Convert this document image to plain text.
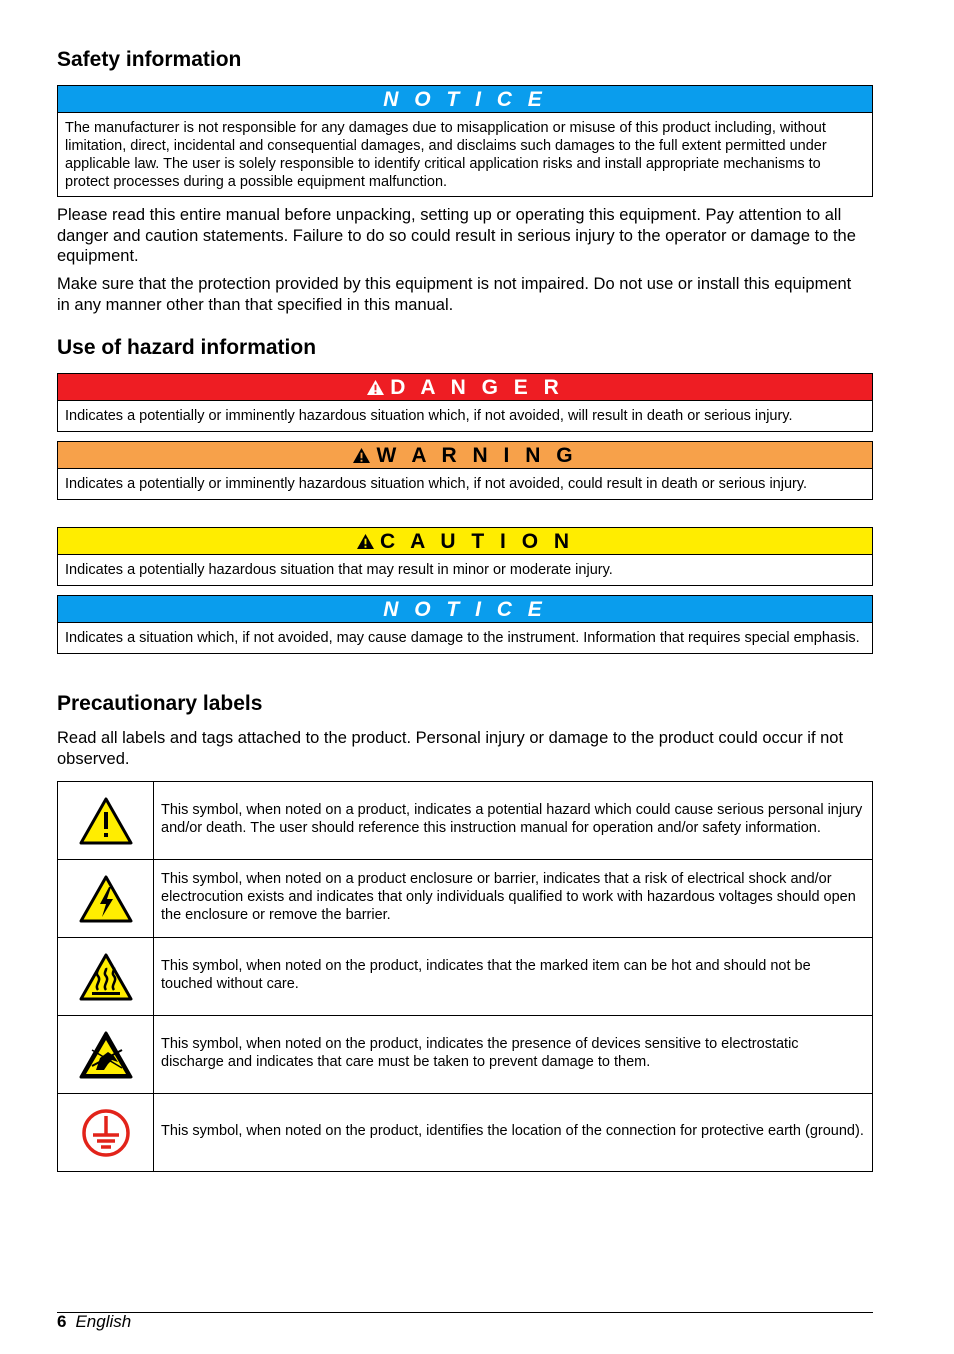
Safety information
N O T I C E
The manufacturer is not responsible for any damages due to misapplication or misuse of this product including, without limitation, direct, incidental and consequential damages, and disclaims such damages to the full extent permitted under applicable law. The user is solely responsible to identify critical application risks and install appropriate mechanisms to protect processes during a possible equipment malfunction.

Please read this entire manual before unpacking, setting up or operating this equipment. Pay attention to all danger and caution statements. Failure to do so could result in serious injury to the operator or damage to the equipment.

Make sure that the protection provided by this equipment is not impaired. Do not use or install this equipment in any manner other than that specified in this manual.

Use of hazard information
D A N G E R
Indicates a potentially or imminently hazardous situation which, if not avoided, will result in death or serious injury.
W A R N I N G
Indicates a potentially or imminently hazardous situation which, if not avoided, could result in death or serious injury.
C A U T I O N
Indicates a potentially hazardous situation that may result in minor or moderate injury.
N O T I C E
Indicates a situation which, if not avoided, may cause damage to the instrument. Information that requires special emphasis.
Precautionary labels

Read all labels and tags attached to the product. Personal injury or damage to the product could occur if not observed.

	This symbol, when noted on a product, indicates a potential hazard which could cause serious personal injury and/or death. The user should reference this instruction manual for operation and/or safety information.

	This symbol, when noted on a product enclosure or barrier, indicates that a risk of electrical shock and/or electrocution exists and indicates that only individuals qualified to work with hazardous voltages should open the enclosure or remove the barrier.

	This symbol, when noted on the product, indicates that the marked item can be hot and should not be touched without care.

	This symbol, when noted on the product, indicates the presence of devices sensitive to electrostatic discharge and indicates that care must be taken to prevent damage to them.

	This symbol, when noted on the product, identifies the location of the connection for protective earth (ground).
6 English
